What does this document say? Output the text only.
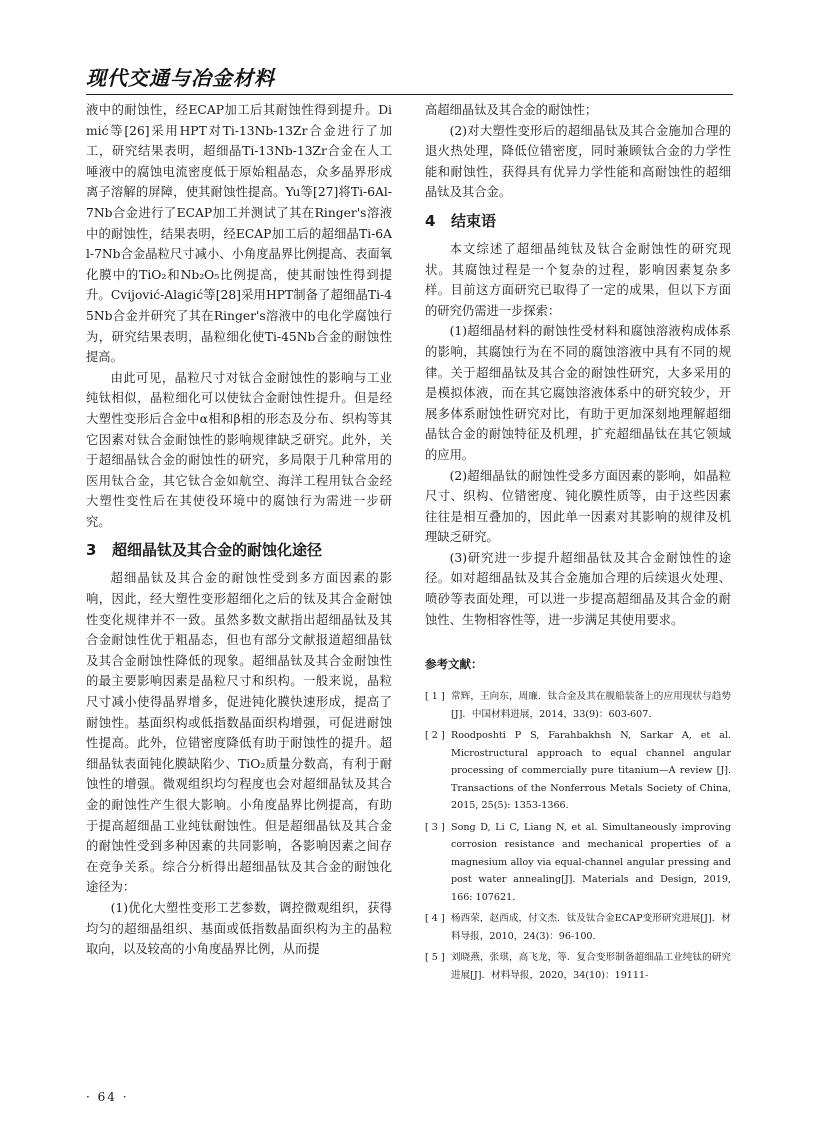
现代交通与冶金材料

液中的耐蚀性，经ECAP加工后其耐蚀性得到提升。Dimić等[26]采用HPT对Ti-13Nb-13Zr合金进行了加工，研究结果表明，超细晶Ti-13Nb-13Zr合金在人工唾液中的腐蚀电流密度低于原始粗晶态，众多晶界形成离子溶解的屏障，使其耐蚀性提高。Yu等[27]将Ti-6Al-7Nb合金进行了ECAP加工并测试了其在Ringer's溶液中的耐蚀性，结果表明，经ECAP加工后的超细晶Ti-6Al-7Nb合金晶粒尺寸减小、小角度晶界比例提高、表面氧化膜中的TiO₂和Nb₂O₅比例提高，使其耐蚀性得到提升。Cvijović-Alagić等[28]采用HPT制备了超细晶Ti-45Nb合金并研究了其在Ringer's溶液中的电化学腐蚀行为，研究结果表明，晶粒细化使Ti-45Nb合金的耐蚀性提高。

由此可见，晶粒尺寸对钛合金耐蚀性的影响与工业纯钛相似，晶粒细化可以使钛合金耐蚀性提升。但是经大塑性变形后合金中α相和β相的形态及分布、织构等其它因素对钛合金耐蚀性的影响规律缺乏研究。此外，关于超细晶钛合金的耐蚀性的研究，多局限于几种常用的医用钛合金，其它钛合金如航空、海洋工程用钛合金经大塑性变性后在其使役环境中的腐蚀行为需进一步研究。

3 超细晶钛及其合金的耐蚀化途径

超细晶钛及其合金的耐蚀性受到多方面因素的影响，因此，经大塑性变形超细化之后的钛及其合金耐蚀性变化规律并不一致。虽然多数文献指出超细晶钛及其合金耐蚀性优于粗晶态，但也有部分文献报道超细晶钛及其合金耐蚀性降低的现象。超细晶钛及其合金耐蚀性的最主要影响因素是晶粒尺寸和织构。一般来说，晶粒尺寸减小使得晶界增多，促进钝化膜快速形成，提高了耐蚀性。基面织构或低指数晶面织构增强，可促进耐蚀性提高。此外，位错密度降低有助于耐蚀性的提升。超细晶钛表面钝化膜缺陷少、TiO₂质量分数高，有利于耐蚀性的增强。微观组织均匀程度也会对超细晶钛及其合金的耐蚀性产生很大影响。小角度晶界比例提高，有助于提高超细晶工业纯钛耐蚀性。但是超细晶钛及其合金的耐蚀性受到多种因素的共同影响，各影响因素之间存在竞争关系。综合分析得出超细晶钛及其合金的耐蚀化途径为：

(1)优化大塑性变形工艺参数，调控微观组织，获得均匀的超细晶组织、基面或低指数晶面织构为主的晶粒取向，以及较高的小角度晶界比例，从而提

高超细晶钛及其合金的耐蚀性；

(2)对大塑性变形后的超细晶钛及其合金施加合理的退火热处理，降低位错密度，同时兼顾钛合金的力学性能和耐蚀性，获得具有优异力学性能和高耐蚀性的超细晶钛及其合金。

4 结束语

本文综述了超细晶纯钛及钛合金耐蚀性的研究现状。其腐蚀过程是一个复杂的过程，影响因素复杂多样。目前这方面研究已取得了一定的成果，但以下方面的研究仍需进一步探索：

(1)超细晶材料的耐蚀性受材料和腐蚀溶液构成体系的影响，其腐蚀行为在不同的腐蚀溶液中具有不同的规律。关于超细晶钛及其合金的耐蚀性研究，大多采用的是模拟体液，而在其它腐蚀溶液体系中的研究较少，开展多体系耐蚀性研究对比，有助于更加深刻地理解超细晶钛合金的耐蚀特征及机理，扩充超细晶钛在其它领域的应用。

(2)超细晶钛的耐蚀性受多方面因素的影响，如晶粒尺寸、织构、位错密度、钝化膜性质等，由于这些因素往往是相互叠加的，因此单一因素对其影响的规律及机理缺乏研究。

(3)研究进一步提升超细晶钛及其合金耐蚀性的途径。如对超细晶钛及其合金施加合理的后续退火处理、喷砂等表面处理，可以进一步提高超细晶及其合金的耐蚀性、生物相容性等，进一步满足其使用要求。

参考文献：
[ 1 ] 常辉，王向东，周廉．钛合金及其在舰船装备上的应用现状与趋势[J]．中国材料进展，2014，33(9)：603-607.
[ 2 ] Roodposhti P S, Farahbakhsh N, Sarkar A, et al. Microstructural approach to equal channel angular processing of commercially pure titanium—A review [J]. Transactions of the Nonferrous Metals Society of China, 2015, 25(5): 1353-1366.
[ 3 ] Song D, Li C, Liang N, et al. Simultaneously improving corrosion resistance and mechanical properties of a magnesium alloy via equal-channel angular pressing and post water annealing[J]. Materials and Design, 2019, 166: 107621.
[ 4 ] 杨西荣，赵西成，付文杰．钛及钛合金ECAP变形研究进展[J]．材料导报，2010，24(3)：96-100.
[ 5 ] 刘晓燕，张琪，高飞龙，等．复合变形制备超细晶工业纯钛的研究进展[J]．材料导报，2020，34(10)：19111-
· 64 ·
